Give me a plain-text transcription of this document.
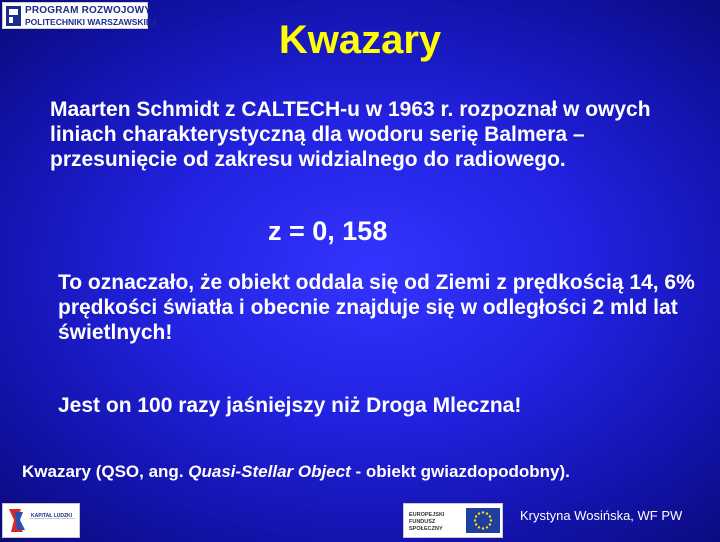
PROGRAM ROZWOJOWY
POLITECHNIKI WARSZAWSKIEJ	Kwazary

Maarten Schmidt z CALTECH-u w 1963 r. rozpoznał w owych liniach charakterystyczną dla wodoru serię Balmera – przesunięcie od zakresu widzialnego do radiowego.

z = 0, 158

To oznaczało, że obiekt oddala się od Ziemi z prędkością 14, 6% prędkości światła i obecnie znajduje się w odległości 2 mld lat świetlnych!

Jest on 100 razy jaśniejszy niż Droga Mleczna!

Kwazary (QSO, ang. Quasi-Stellar Object - obiekt gwiazdopodobny).

KAPITAŁ LUDZKI	EUROPEJSKI FUNDUSZ SPOŁECZNY
Krystyna Wosińska, WF PW
